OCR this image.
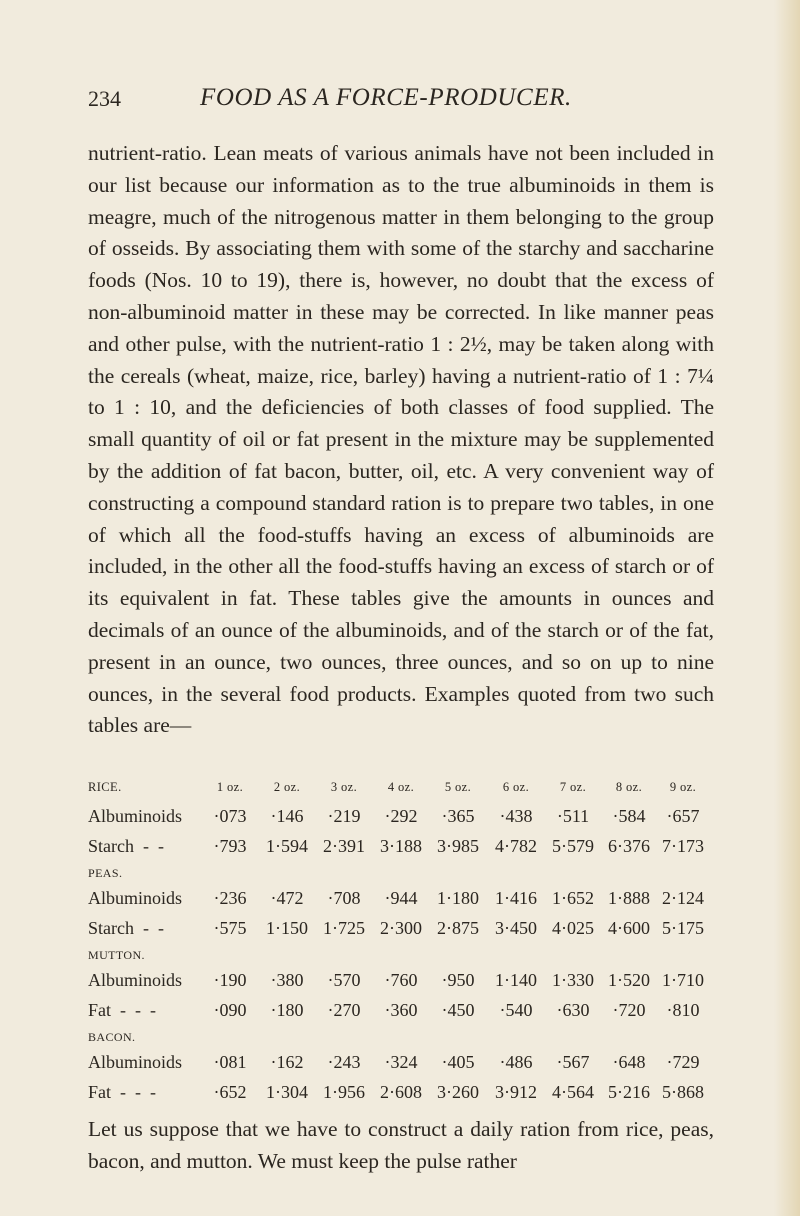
234	FOOD AS A FORCE-PRODUCER.

nutrient-ratio. Lean meats of various animals have not been included in our list because our information as to the true albuminoids in them is meagre, much of the nitrogenous matter in them belonging to the group of osseids. By associating them with some of the starchy and saccharine foods (Nos. 10 to 19), there is, however, no doubt that the excess of non-albuminoid matter in these may be corrected. In like manner peas and other pulse, with the nutrient-ratio 1 : 2½, may be taken along with the cereals (wheat, maize, rice, barley) having a nutrient-ratio of 1 : 7¼ to 1 : 10, and the deficiencies of both classes of food supplied. The small quantity of oil or fat present in the mixture may be supplemented by the addition of fat bacon, butter, oil, etc. A very convenient way of constructing a compound standard ration is to prepare two tables, in one of which all the food-stuffs having an excess of albuminoids are included, in the other all the food-stuffs having an excess of starch or of its equivalent in fat. These tables give the amounts in ounces and decimals of an ounce of the albuminoids, and of the starch or of the fat, present in an ounce, two ounces, three ounces, and so on up to nine ounces, in the several food products. Examples quoted from two such tables are—

RICE.	1 oz.	2 oz.	3 oz.	4 oz.	5 oz.	6 oz.	7 oz.	8 oz.	9 oz.
Albuminoids	·073	·146	·219	·292	·365	·438	·511	·584	·657
Starch  -  -	·793	1·594 2·391 3·188 3·985 4·782 5·579 6·376 7·173
PEAS.
Albuminoids	·236	·472	·708	·944	1·180 1·416 1·652 1·888 2·124
Starch  -  -	·575	1·150 1·725 2·300 2·875 3·450 4·025 4·600 5·175
MUTTON.
Albuminoids	·190	·380	·570	·760	·950	1·140 1·330 1·520 1·710
Fat  -  -  -	·090	·180	·270	·360	·450	·540	·630	·720	·810
BACON.
Albuminoids	·081	·162	·243	·324	·405	·486	·567	·648	·729
Fat  -  -  -	·652	1·304 1·956 2·608 3·260 3·912 4·564 5·216 5·868

Let us suppose that we have to construct a daily ration from rice, peas, bacon, and mutton. We must keep the pulse rather
